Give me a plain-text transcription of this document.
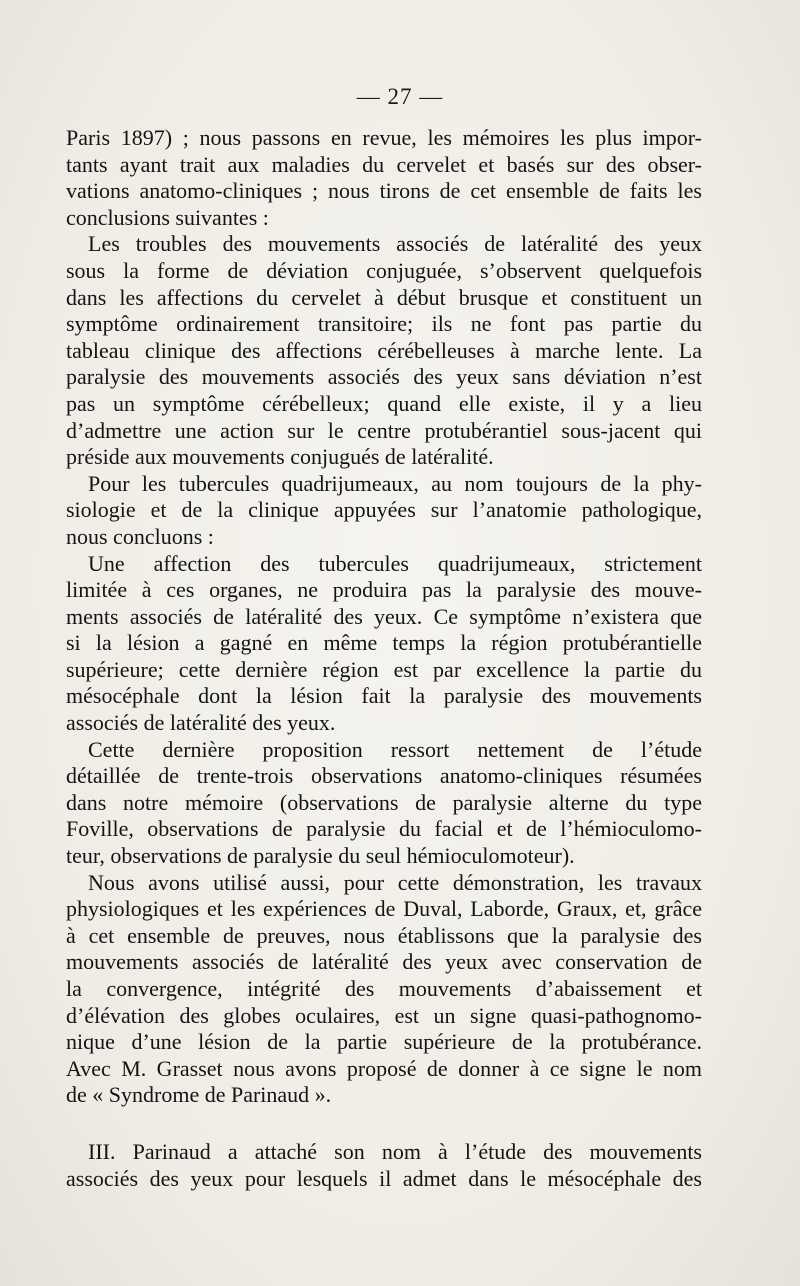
— 27 —
Paris 1897) ; nous passons en revue, les mémoires les plus impor-
tants ayant trait aux maladies du cervelet et basés sur des obser-
vations anatomo-cliniques ; nous tirons de cet ensemble de faits les
conclusions suivantes :
Les troubles des mouvements associés de latéralité des yeux
sous la forme de déviation conjuguée, s’observent quelquefois
dans les affections du cervelet à début brusque et constituent un
symptôme ordinairement transitoire; ils ne font pas partie du
tableau clinique des affections cérébelleuses à marche lente. La
paralysie des mouvements associés des yeux sans déviation n’est
pas un symptôme cérébelleux; quand elle existe, il y a lieu
d’admettre une action sur le centre protubérantiel sous-jacent qui
préside aux mouvements conjugués de latéralité.
Pour les tubercules quadrijumeaux, au nom toujours de la phy-
siologie et de la clinique appuyées sur l’anatomie pathologique,
nous concluons :
Une affection des tubercules quadrijumeaux, strictement
limitée à ces organes, ne produira pas la paralysie des mouve-
ments associés de latéralité des yeux. Ce symptôme n’existera que
si la lésion a gagné en même temps la région protubérantielle
supérieure; cette dernière région est par excellence la partie du
mésocéphale dont la lésion fait la paralysie des mouvements
associés de latéralité des yeux.
Cette dernière proposition ressort nettement de l’étude
détaillée de trente-trois observations anatomo-cliniques résumées
dans notre mémoire (observations de paralysie alterne du type
Foville, observations de paralysie du facial et de l’hémioculomo-
teur, observations de paralysie du seul hémioculomoteur).
Nous avons utilisé aussi, pour cette démonstration, les travaux
physiologiques et les expériences de Duval, Laborde, Graux, et, grâce
à cet ensemble de preuves, nous établissons que la paralysie des
mouvements associés de latéralité des yeux avec conservation de
la convergence, intégrité des mouvements d’abaissement et
d’élévation des globes oculaires, est un signe quasi-pathognomo-
nique d’une lésion de la partie supérieure de la protubérance.
Avec M. Grasset nous avons proposé de donner à ce signe le nom
de « Syndrome de Parinaud ».
III. Parinaud a attaché son nom à l’étude des mouvements
associés des yeux pour lesquels il admet dans le mésocéphale des
